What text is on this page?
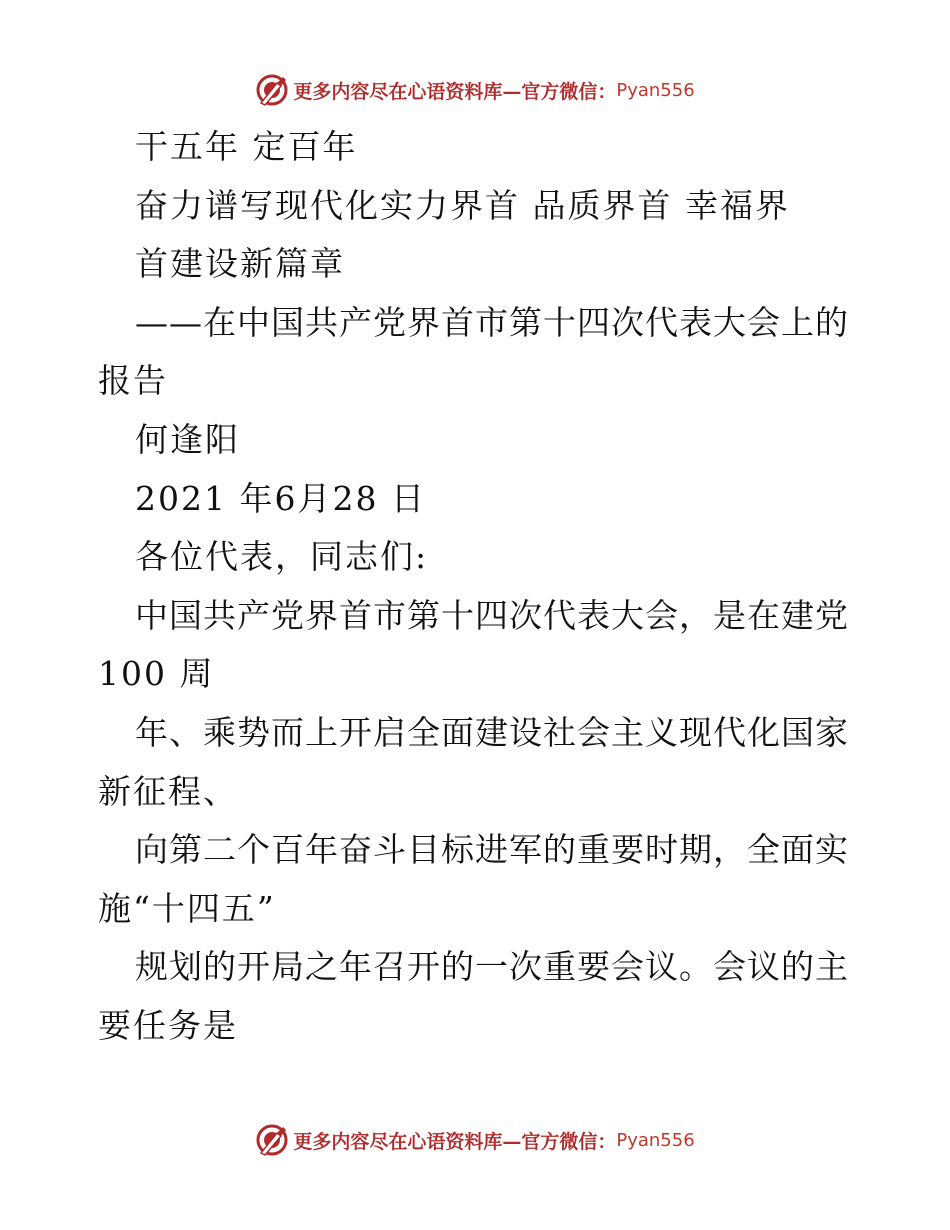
更多内容尽在心语资料库— 官方微信： Pyan556
干五年 定百年
奋力谱写现代化实力界首 品质界首 幸福界
首建设新篇章
——在中国共产党界首市第十四次代表大会上的
报告
何逢阳
2021 年6月28 日
各位代表，同志们:
中国共产党界首市第十四次代表大会，是在建党
100 周
年、乘势而上开启全面建设社会主义现代化国家
新征程、
向第二个百年奋斗目标进军的重要时期，全面实
施“十四五”
规划的开局之年召开的一次重要会议。会议的主
要任务是
更多内容尽在心语资料库— 官方微信： Pyan556
